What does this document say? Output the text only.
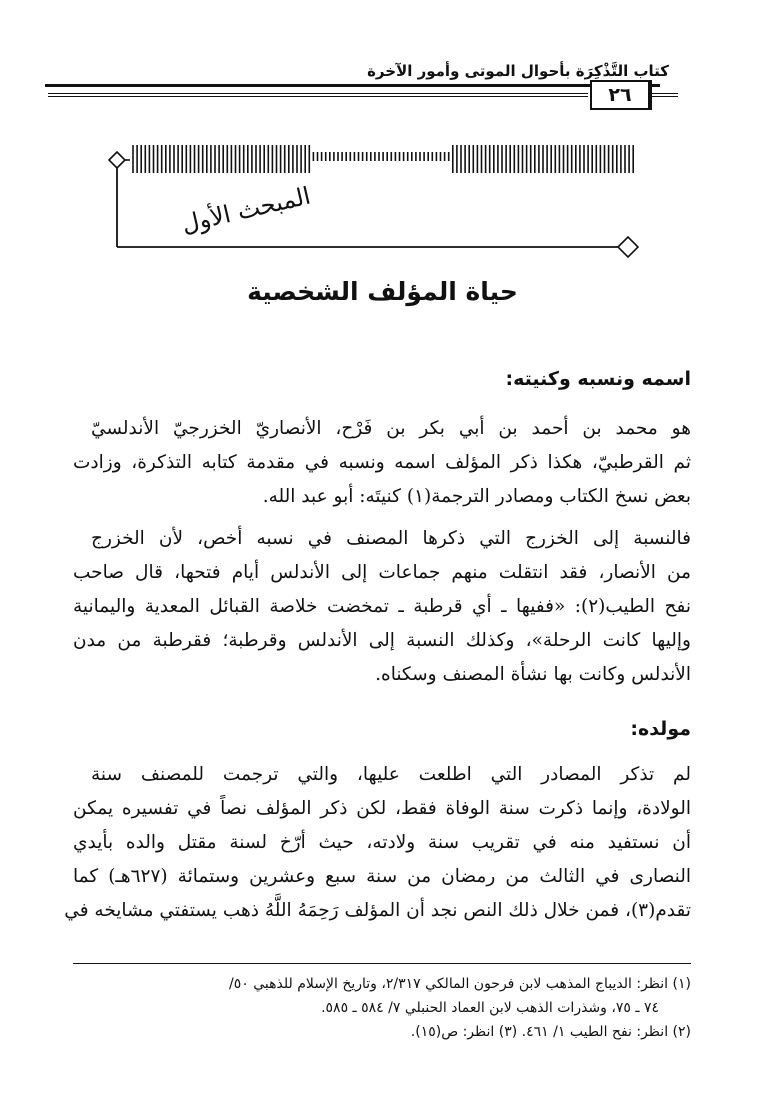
كتاب التَّذْكِرَة بأحوال الموتى وأمور الآخرة
٢٦
المبحث الأول
حياة المؤلف الشخصية
اسمه ونسبه وكنيته:
هو محمد بن أحمد بن أبي بكر بن فَرْح، الأنصاريّ الخزرجيّ الأندلسيّ
ثم القرطبيّ، هكذا ذكر المؤلف اسمه ونسبه في مقدمة كتابه التذكرة، وزادت
بعض نسخ الكتاب ومصادر الترجمة(١) كنيتَه: أبو عبد الله.
فالنسبة إلى الخزرج التي ذكرها المصنف في نسبه أخص، لأن الخزرج
من الأنصار، فقد انتقلت منهم جماعات إلى الأندلس أيام فتحها، قال صاحب
نفح الطيب(٢): «ففيها ـ أي قرطبة ـ تمخضت خلاصة القبائل المعدية واليمانية
وإليها كانت الرحلة»، وكذلك النسبة إلى الأندلس وقرطبة؛ فقرطبة من مدن
الأندلس وكانت بها نشأة المصنف وسكناه.
مولده:
لم تذكر المصادر التي اطلعت عليها، والتي ترجمت للمصنف سنة
الولادة، وإنما ذكرت سنة الوفاة فقط، لكن ذكر المؤلف نصاً في تفسيره يمكن
أن نستفيد منه في تقريب سنة ولادته، حيث أرّخ لسنة مقتل والده بأيدي
النصارى في الثالث من رمضان من سنة سبع وعشرين وستمائة (٦٢٧هـ) كما
تقدم(٣)، فمن خلال ذلك النص نجد أن المؤلف رَحِمَهُ اللَّهُ ذهب يستفتي مشايخه في
(١) انظر: الديباج المذهب لابن فرحون المالكي ٢/٣١٧، وتاريخ الإسلام للذهبي ٥٠/
٧٤ ـ ٧٥، وشذرات الذهب لابن العماد الحنبلي ٧/ ٥٨٤ ـ ٥٨٥.
(٢) انظر: نفح الطيب ١/ ٤٦١. (٣) انظر: ص(١٥).
